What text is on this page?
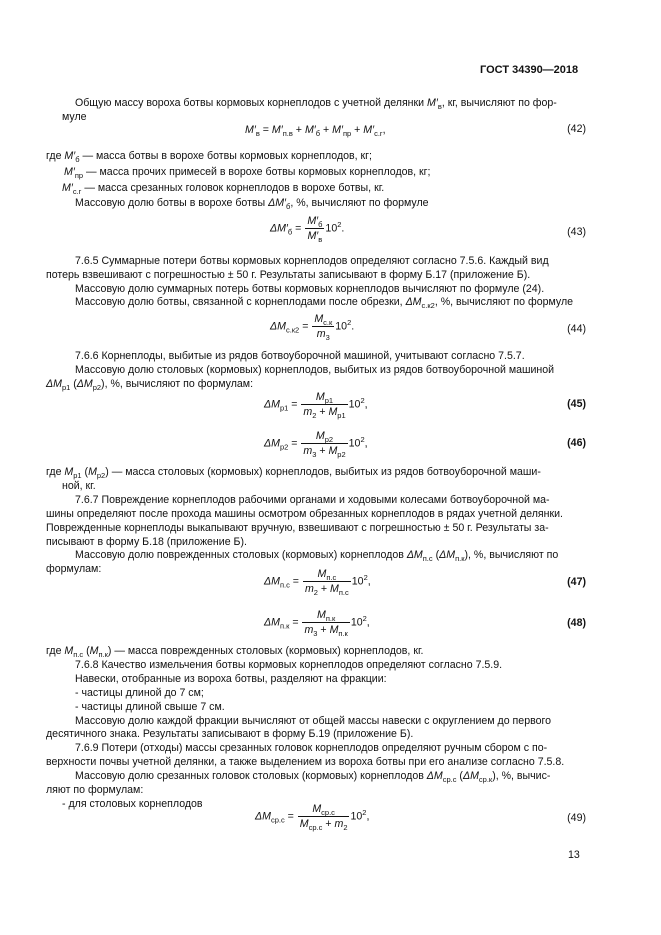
ГОСТ 34390—2018
Общую массу вороха ботвы кормовых корнеплодов с учетной делянки $M'_в$, кг, вычисляют по фор-
муле
$M'_в = M'_{п.в} + M'_б + M'_{пр} + M'_{с.г}$,	(42)
где $M'_б$ — масса ботвы в ворохе ботвы кормовых корнеплодов, кг;
$M'_{пр}$ — масса прочих примесей в ворохе ботвы кормовых корнеплодов, кг;
$M'_{с.г}$ — масса срезанных головок корнеплодов в ворохе ботвы, кг.
Массовую долю ботвы в ворохе ботвы $\Delta M'_б$, %, вычисляют по формуле
$\Delta M'_б = \frac{M'_б}{M'_в} 10^2$.	(43)
7.6.5 Суммарные потери ботвы кормовых корнеплодов определяют согласно 7.5.6. Каждый вид
потерь взвешивают с погрешностью ± 50 г. Результаты записывают в форму Б.17 (приложение Б).
Массовую долю суммарных потерь ботвы кормовых корнеплодов вычисляют по формуле (24).
Массовую долю ботвы, связанной с корнеплодами после обрезки, $\Delta M_{с.к2}$, %, вычисляют по формуле
$\Delta M_{с.к2} = \frac{M_{с.к}}{m_3} 10^2$.	(44)
7.6.6 Корнеплоды, выбитые из рядов ботвоуборочной машиной, учитывают согласно 7.5.7.
Массовую долю столовых (кормовых) корнеплодов, выбитых из рядов ботвоуборочной машиной
$\Delta M_{р1}$ $(\Delta M_{р2})$, %, вычисляют по формулам:
$\Delta M_{р1} = \frac{M_{р1}}{m_2 + M_{р1}} 10^2$,	(45)
$\Delta M_{р2} = \frac{M_{р2}}{m_3 + M_{р2}} 10^2$,	(46)
где $M_{р1}$ $(M_{р2})$ — масса столовых (кормовых) корнеплодов, выбитых из рядов ботвоуборочной маши-
ной, кг.
7.6.7 Повреждение корнеплодов рабочими органами и ходовыми колесами ботвоуборочной ма-
шины определяют после прохода машины осмотром обрезанных корнеплодов в рядах учетной делянки.
Поврежденные корнеплоды выкапывают вручную, взвешивают с погрешностью ± 50 г. Результаты за-
писывают в форму Б.18 (приложение Б).
Массовую долю поврежденных столовых (кормовых) корнеплодов $\Delta M_{п.с}$ $(\Delta M_{п.к})$, %, вычисляют по
формулам:
$\Delta M_{п.с} = \frac{M_{п.с}}{m_2 + M_{п.с}} 10^2$,	(47)
$\Delta M_{п.к} = \frac{M_{п.к}}{m_3 + M_{п.к}} 10^2$,	(48)
где $M_{п.с}$ $(M_{п.к})$ — масса поврежденных столовых (кормовых) корнеплодов, кг.
7.6.8 Качество измельчения ботвы кормовых корнеплодов определяют согласно 7.5.9.
Навески, отобранные из вороха ботвы, разделяют на фракции:
- частицы длиной до 7 см;
- частицы длиной свыше 7 см.
Массовую долю каждой фракции вычисляют от общей массы навески с округлением до первого
десятичного знака. Результаты записывают в форму Б.19 (приложение Б).
7.6.9 Потери (отходы) массы срезанных головок корнеплодов определяют ручным сбором с по-
верхности почвы учетной делянки, а также выделением из вороха ботвы при его анализе согласно 7.5.8.
Массовую долю срезанных головок столовых (кормовых) корнеплодов $\Delta M_{ср.с}$ $(\Delta M_{ср.к})$, %, вычис-
ляют по формулам:
- для столовых корнеплодов
$\Delta M_{ср.с} = \frac{M_{ср.с}}{M_{ср.с} + m_2} 10^2$,	(49)
13
